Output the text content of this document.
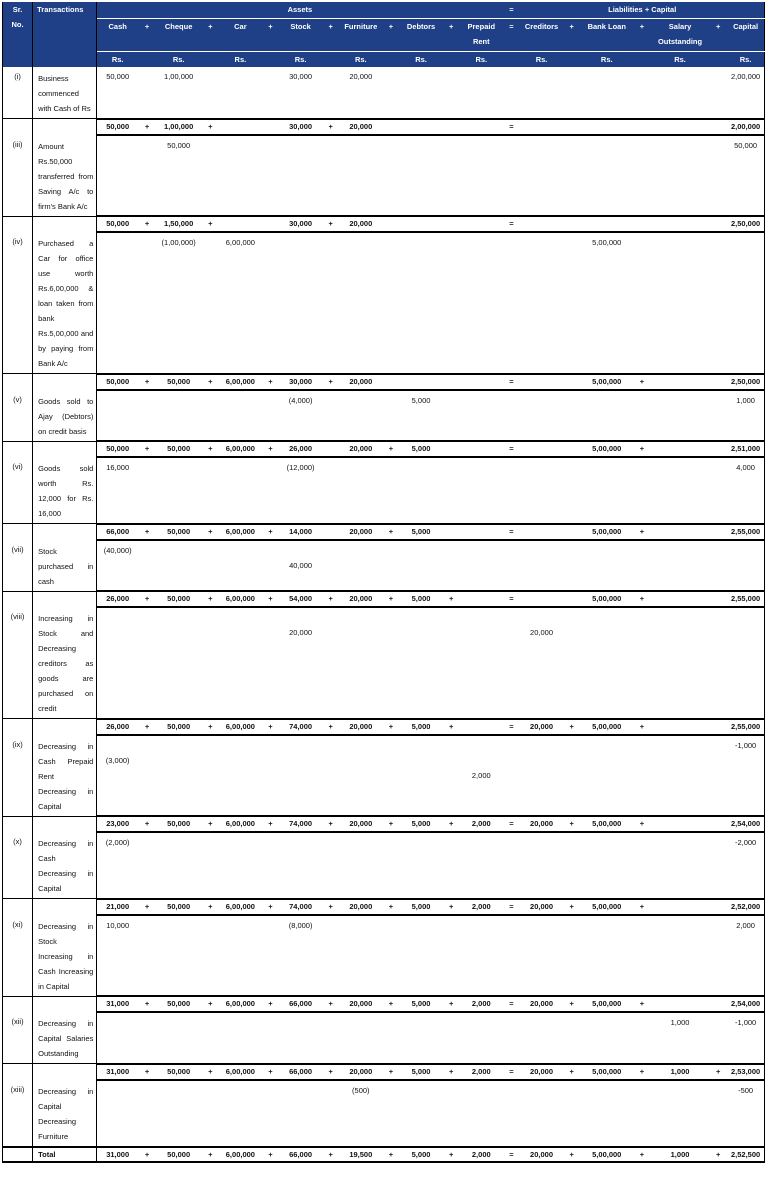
Sr.
No.	Transactions	Assets													=	Liabilities + Capital						
		Cash	+	Cheque	+	Car	+	Stock	+	Furniture	+	Debtors	+	Prepaid Rent	=	Creditors	+	Bank Loan	+	Salary Outstanding	+	Capital
		Rs.		Rs.		Rs.		Rs.		Rs.		Rs.		Rs.		Rs.		Rs.		Rs.		Rs.
(i)	Business commenced with Cash of Rs	50,000		1,00,000				30,000		20,000												2,00,000

		50,000	+	1,00,000	+			30,000	+	20,000					=							2,00,000
(iii)	Amount Rs.50,000 transferred from Saving A/c to firm's Bank A/c			50,000																		50,000

		50,000	+	1,50,000	+			30,000	+	20,000					=							2,50,000
(iv)	Purchased a Car for office use worth Rs.6,00,000 & loan taken from bank Rs.5,00,000 and by paying from Bank A/c			(1,00,000)		6,00,000												5,00,000				

		50,000	+	50,000	+	6,00,000	+	30,000	+	20,000					=			5,00,000	+			2,50,000
(v)	Goods sold to Ajay (Debtors) on credit basis							(4,000)				5,000										1,000

		50,000	+	50,000	+	6,00,000	+	26,000		20,000	+	5,000			=			5,00,000	+			2,51,000
(vi)	Goods sold worth Rs. 12,000 for Rs. 16,000	16,000						(12,000)														4,000

		66,000	+	50,000	+	6,00,000	+	14,000		20,000	+	5,000			=			5,00,000	+			2,55,000
(vii)	Stock purchased in cash	(40,000)						40,000														

		26,000	+	50,000	+	6,00,000	+	54,000	+	20,000	+	5,000	+		=			5,00,000	+			2,55,000
(viii)	Increasing in Stock and Decreasing creditors as goods are purchased on credit							20,000								20,000						

		26,000	+	50,000	+	6,00,000	+	74,000	+	20,000	+	5,000	+		=	20,000	+	5,00,000	+			2,55,000
(ix)	Decreasing in Cash Prepaid Rent Decreasing in Capital	(3,000)												2,000								-1,000

		23,000	+	50,000	+	6,00,000	+	74,000	+	20,000	+	5,000	+	2,000	=	20,000	+	5,00,000	+			2,54,000
(x)	Decreasing in Cash Decreasing in Capital	(2,000)																				-2,000

		21,000	+	50,000	+	6,00,000	+	74,000	+	20,000	+	5,000	+	2,000	=	20,000	+	5,00,000	+			2,52,000
(xi)	Decreasing in Stock Increasing in Cash Increasing in Capital	10,000						(8,000)														2,000

		31,000	+	50,000	+	6,00,000	+	66,000	+	20,000	+	5,000	+	2,000	=	20,000	+	5,00,000	+			2,54,000
(xii)	Decreasing in Capital Salaries Outstanding																			1,000		-1,000

		31,000	+	50,000	+	6,00,000	+	66,000	+	20,000	+	5,000	+	2,000	=	20,000	+	5,00,000	+	1,000	+	2,53,000
(xiii)	Decreasing in Capital Decreasing Furniture									(500)												-500

	Total	31,000	+	50,000	+	6,00,000	+	66,000	+	19,500	+	5,000	+	2,000	=	20,000	+	5,00,000	+	1,000	+	2,52,500
